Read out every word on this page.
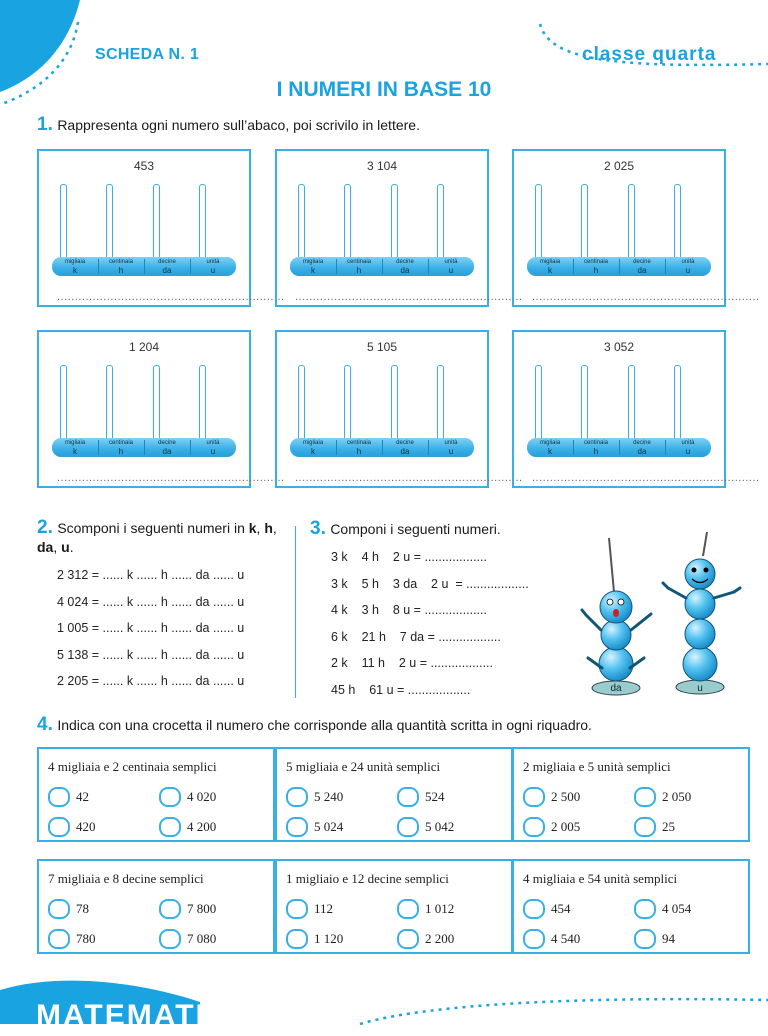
SCHEDA N. 1	classe quarta
I NUMERI IN BASE 10
1. Rappresenta ogni numero sull’abaco, poi scrivilo in lettere.
453
migliaia
k
centinaia
h
decine
da
unità
u
................................................................
3 104
migliaia
k
centinaia
h
decine
da
unità
u
................................................................
2 025
migliaia
k
centinaia
h
decine
da
unità
u
................................................................
1 204
migliaia
k
centinaia
h
decine
da
unità
u
................................................................
5 105
migliaia
k
centinaia
h
decine
da
unità
u
................................................................
3 052
migliaia
k
centinaia
h
decine
da
unità
u
................................................................
2. Scomponi i seguenti numeri in k, h, da, u.
2 312 = ...... k ...... h ...... da ...... u
4 024 = ...... k ...... h ...... da ...... u
1 005 = ...... k ...... h ...... da ...... u
5 138 = ...... k ...... h ...... da ...... u
2 205 = ...... k ...... h ...... da ...... u
3. Componi i seguenti numeri.
3 k    4 h    2 u = ..................
3 k    5 h    3 da    2 u  = ..................
4 k    3 h    8 u = ..................
6 k    21 h    7 da = ..................
2 k    11 h    2 u = ..................
45 h    61 u = ..................	da	u
4. Indica con una crocetta il numero che corrisponde alla quantità scritta in ogni riquadro.
4 migliaia e 2 centinaia semplici
42	4 020
420	4 200
5 migliaia e 24 unità semplici
5 240	524
5 024	5 042
2 migliaia e 5 unità semplici
2 500	2 050
2 005	25
7 migliaia e 8 decine semplici
78	7 800
780	7 080
1 migliaio e 12 decine semplici
112	1 012
1 120	2 200
4 migliaia e 54 unità semplici
454	4 054
4 540	94
MATEMATICA
